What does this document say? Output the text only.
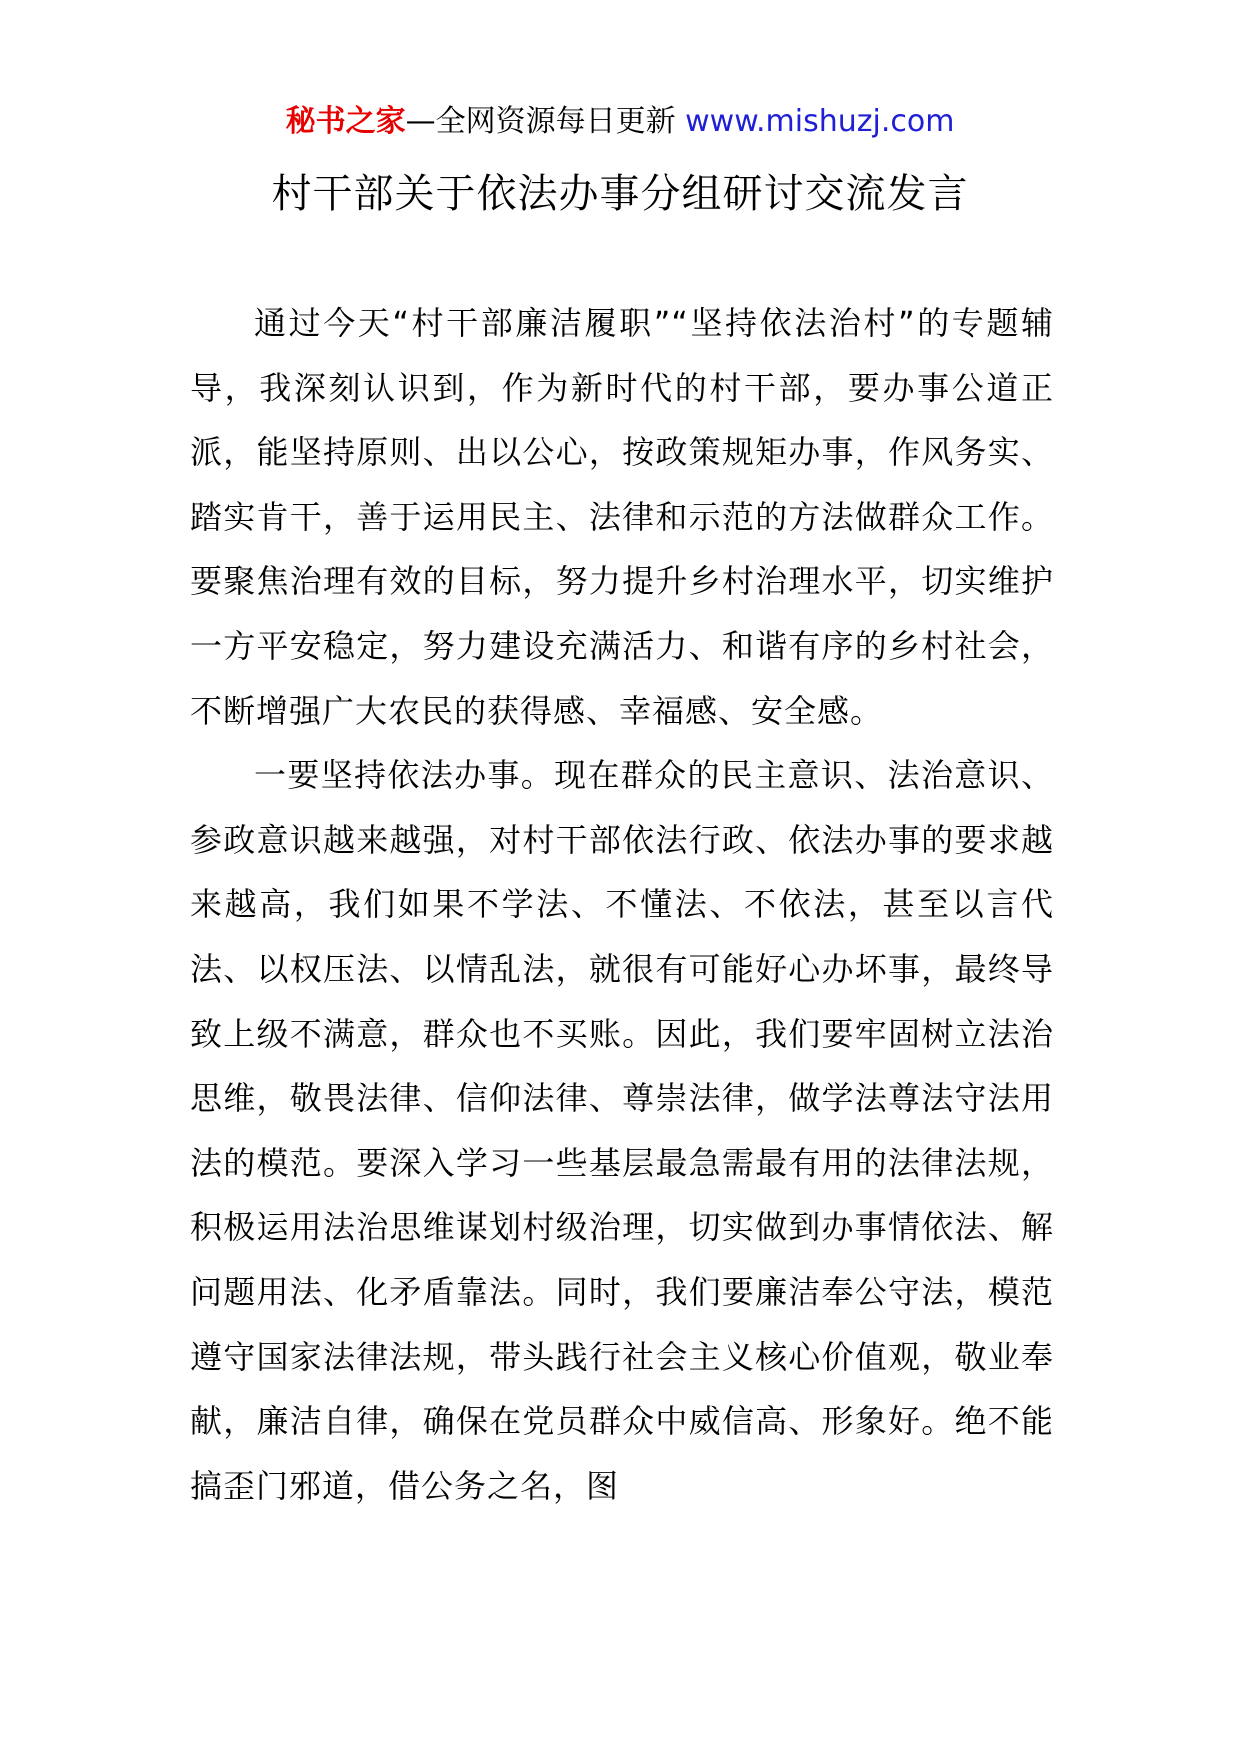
秘书之家—全网资源每日更新 www.mishuzj.com
村干部关于依法办事分组研讨交流发言

通过今天“村干部廉洁履职”“坚持依法治村”的专题辅导，我深刻认识到，作为新时代的村干部，要办事公道正派，能坚持原则、出以公心，按政策规矩办事，作风务实、踏实肯干，善于运用民主、法律和示范的方法做群众工作。要聚焦治理有效的目标，努力提升乡村治理水平，切实维护一方平安稳定，努力建设充满活力、和谐有序的乡村社会，不断增强广大农民的获得感、幸福感、安全感。

一要坚持依法办事。现在群众的民主意识、法治意识、参政意识越来越强，对村干部依法行政、依法办事的要求越来越高，我们如果不学法、不懂法、不依法，甚至以言代法、以权压法、以情乱法，就很有可能好心办坏事，最终导致上级不满意，群众也不买账。因此，我们要牢固树立法治思维，敬畏法律、信仰法律、尊崇法律，做学法尊法守法用法的模范。要深入学习一些基层最急需最有用的法律法规，积极运用法治思维谋划村级治理，切实做到办事情依法、解问题用法、化矛盾靠法。同时，我们要廉洁奉公守法，模范遵守国家法律法规，带头践行社会主义核心价值观，敬业奉献，廉洁自律，确保在党员群众中威信高、形象好。绝不能搞歪门邪道，借公务之名，图
